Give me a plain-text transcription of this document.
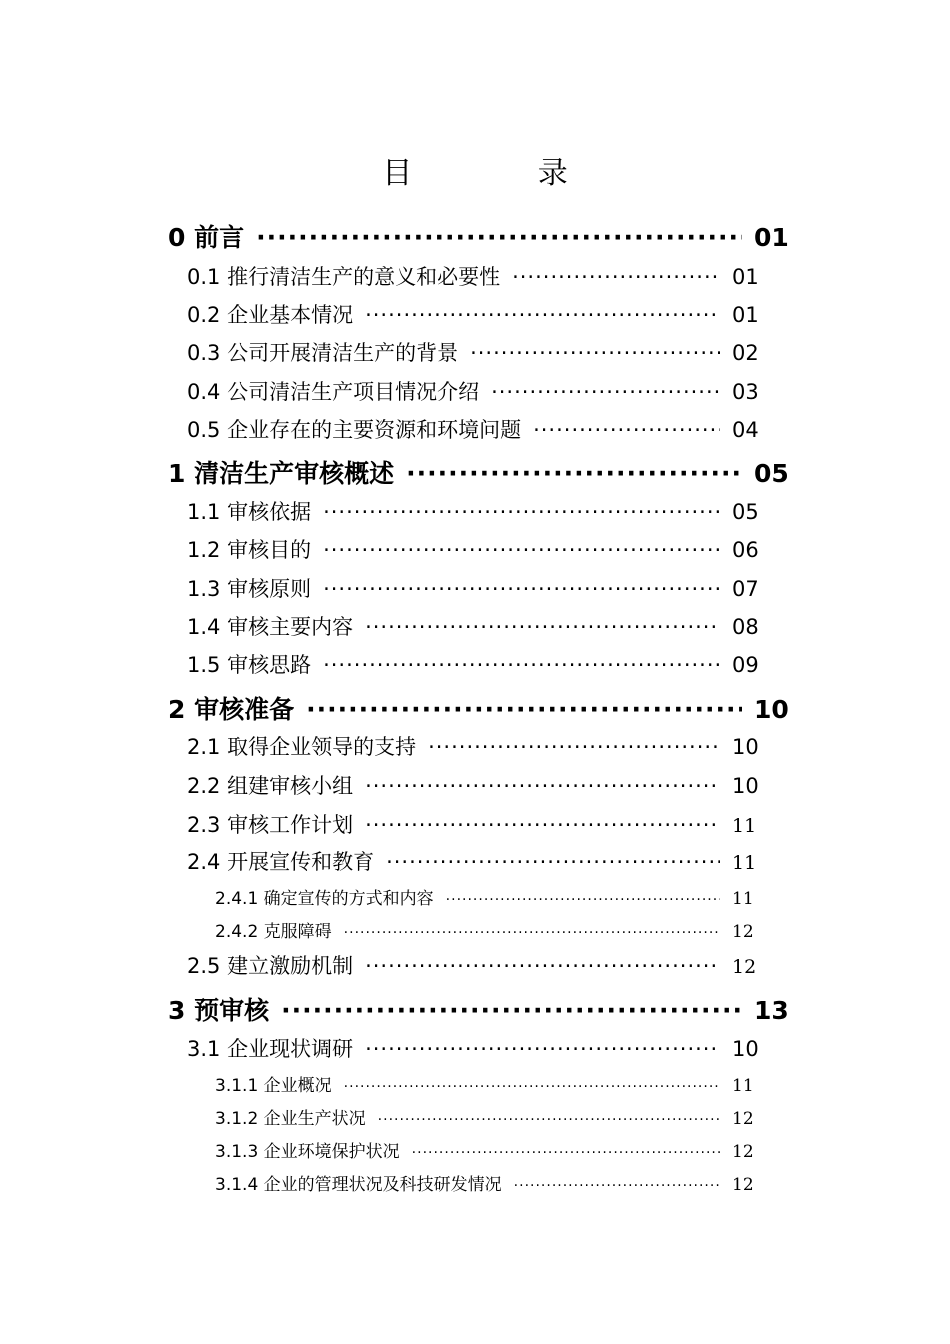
目 录
0 前言 ·····	01
0.1 推行清洁生产的意义和必要性 ·····	01
0.2 企业基本情况 ·····	01
0.3 公司开展清洁生产的背景 ·····	02
0.4 公司清洁生产项目情况介绍 ·····	03
0.5 企业存在的主要资源和环境问题 ·····	04
1 清洁生产审核概述 ·····	05
1.1 审核依据 ·····	05
1.2 审核目的 ·····	06
1.3 审核原则 ·····	07
1.4 审核主要内容 ·····	08
1.5 审核思路 ·····	09
2 审核准备 ·····	10
2.1 取得企业领导的支持 ·····	10
2.2 组建审核小组 ·····	10
2.3 审核工作计划 ·····	11
2.4 开展宣传和教育 ·····	11
2.4.1 确定宣传的方式和内容 ·····	11
2.4.2 克服障碍 ·····	12
2.5 建立激励机制 ·····	12
3 预审核 ·····	13
3.1 企业现状调研 ·····	10
3.1.1 企业概况 ·····	11
3.1.2 企业生产状况 ·····	12
3.1.3 企业环境保护状况 ·····	12
3.1.4 企业的管理状况及科技研发情况 ·····	12
